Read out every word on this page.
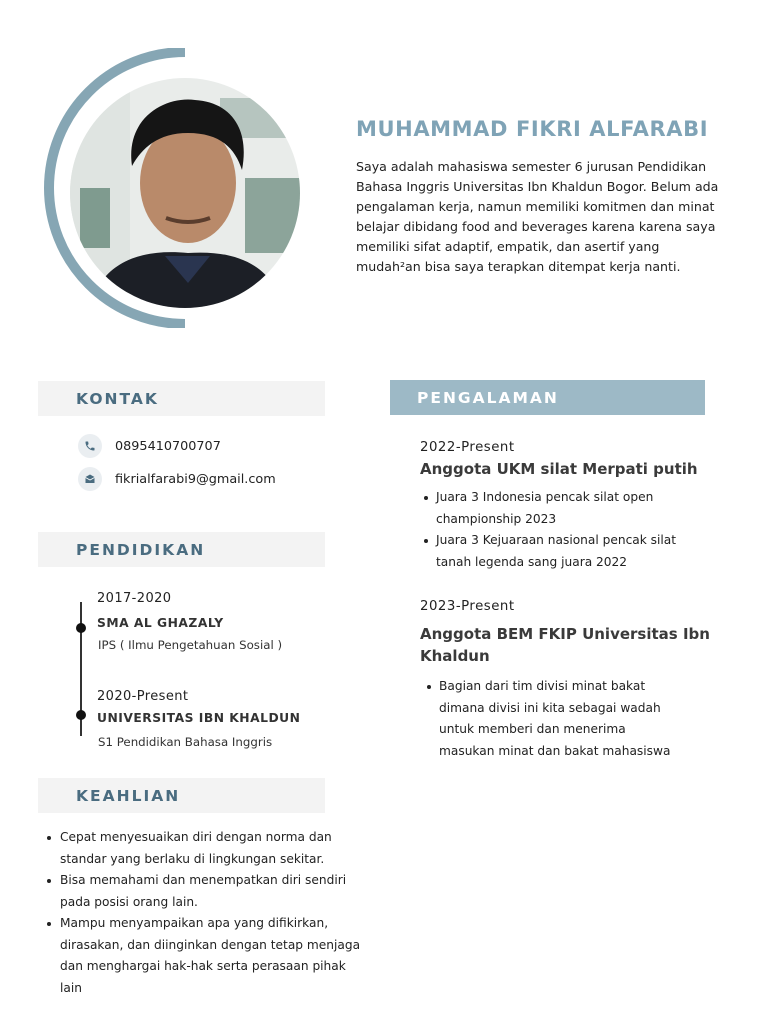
MUHAMMAD FIKRI ALFARABI

Saya adalah mahasiswa semester 6 jurusan Pendidikan Bahasa Inggris Universitas Ibn Khaldun Bogor. Belum ada pengalaman kerja, namun memiliki komitmen dan minat belajar dibidang food and beverages karena karena saya memiliki sifat adaptif, empatik, dan asertif yang mudah²an bisa saya terapkan ditempat kerja nanti.

KONTAK
0895410700707
fikrialfarabi9@gmail.com
PENDIDIKAN
2017-2020
SMA AL GHAZALY
IPS ( Ilmu Pengetahuan Sosial )
2020-Present
UNIVERSITAS IBN KHALDUN
S1 Pendidikan Bahasa Inggris
KEAHLIAN
Cepat menyesuaikan diri dengan norma dan standar yang berlaku di lingkungan sekitar.
Bisa memahami dan menempatkan diri sendiri pada posisi orang lain.
Mampu menyampaikan apa yang difikirkan, dirasakan, dan diinginkan dengan tetap menjaga dan menghargai hak-hak serta perasaan pihak lain
PENGALAMAN
2022-Present
Anggota UKM silat Merpati putih
Juara 3 Indonesia pencak silat open championship 2023
Juara 3 Kejuaraan nasional pencak silat tanah legenda sang juara 2022
2023-Present
Anggota BEM FKIP Universitas Ibn Khaldun
Bagian dari tim divisi minat bakat dimana divisi ini kita sebagai wadah untuk memberi dan menerima masukan minat dan bakat mahasiswa
